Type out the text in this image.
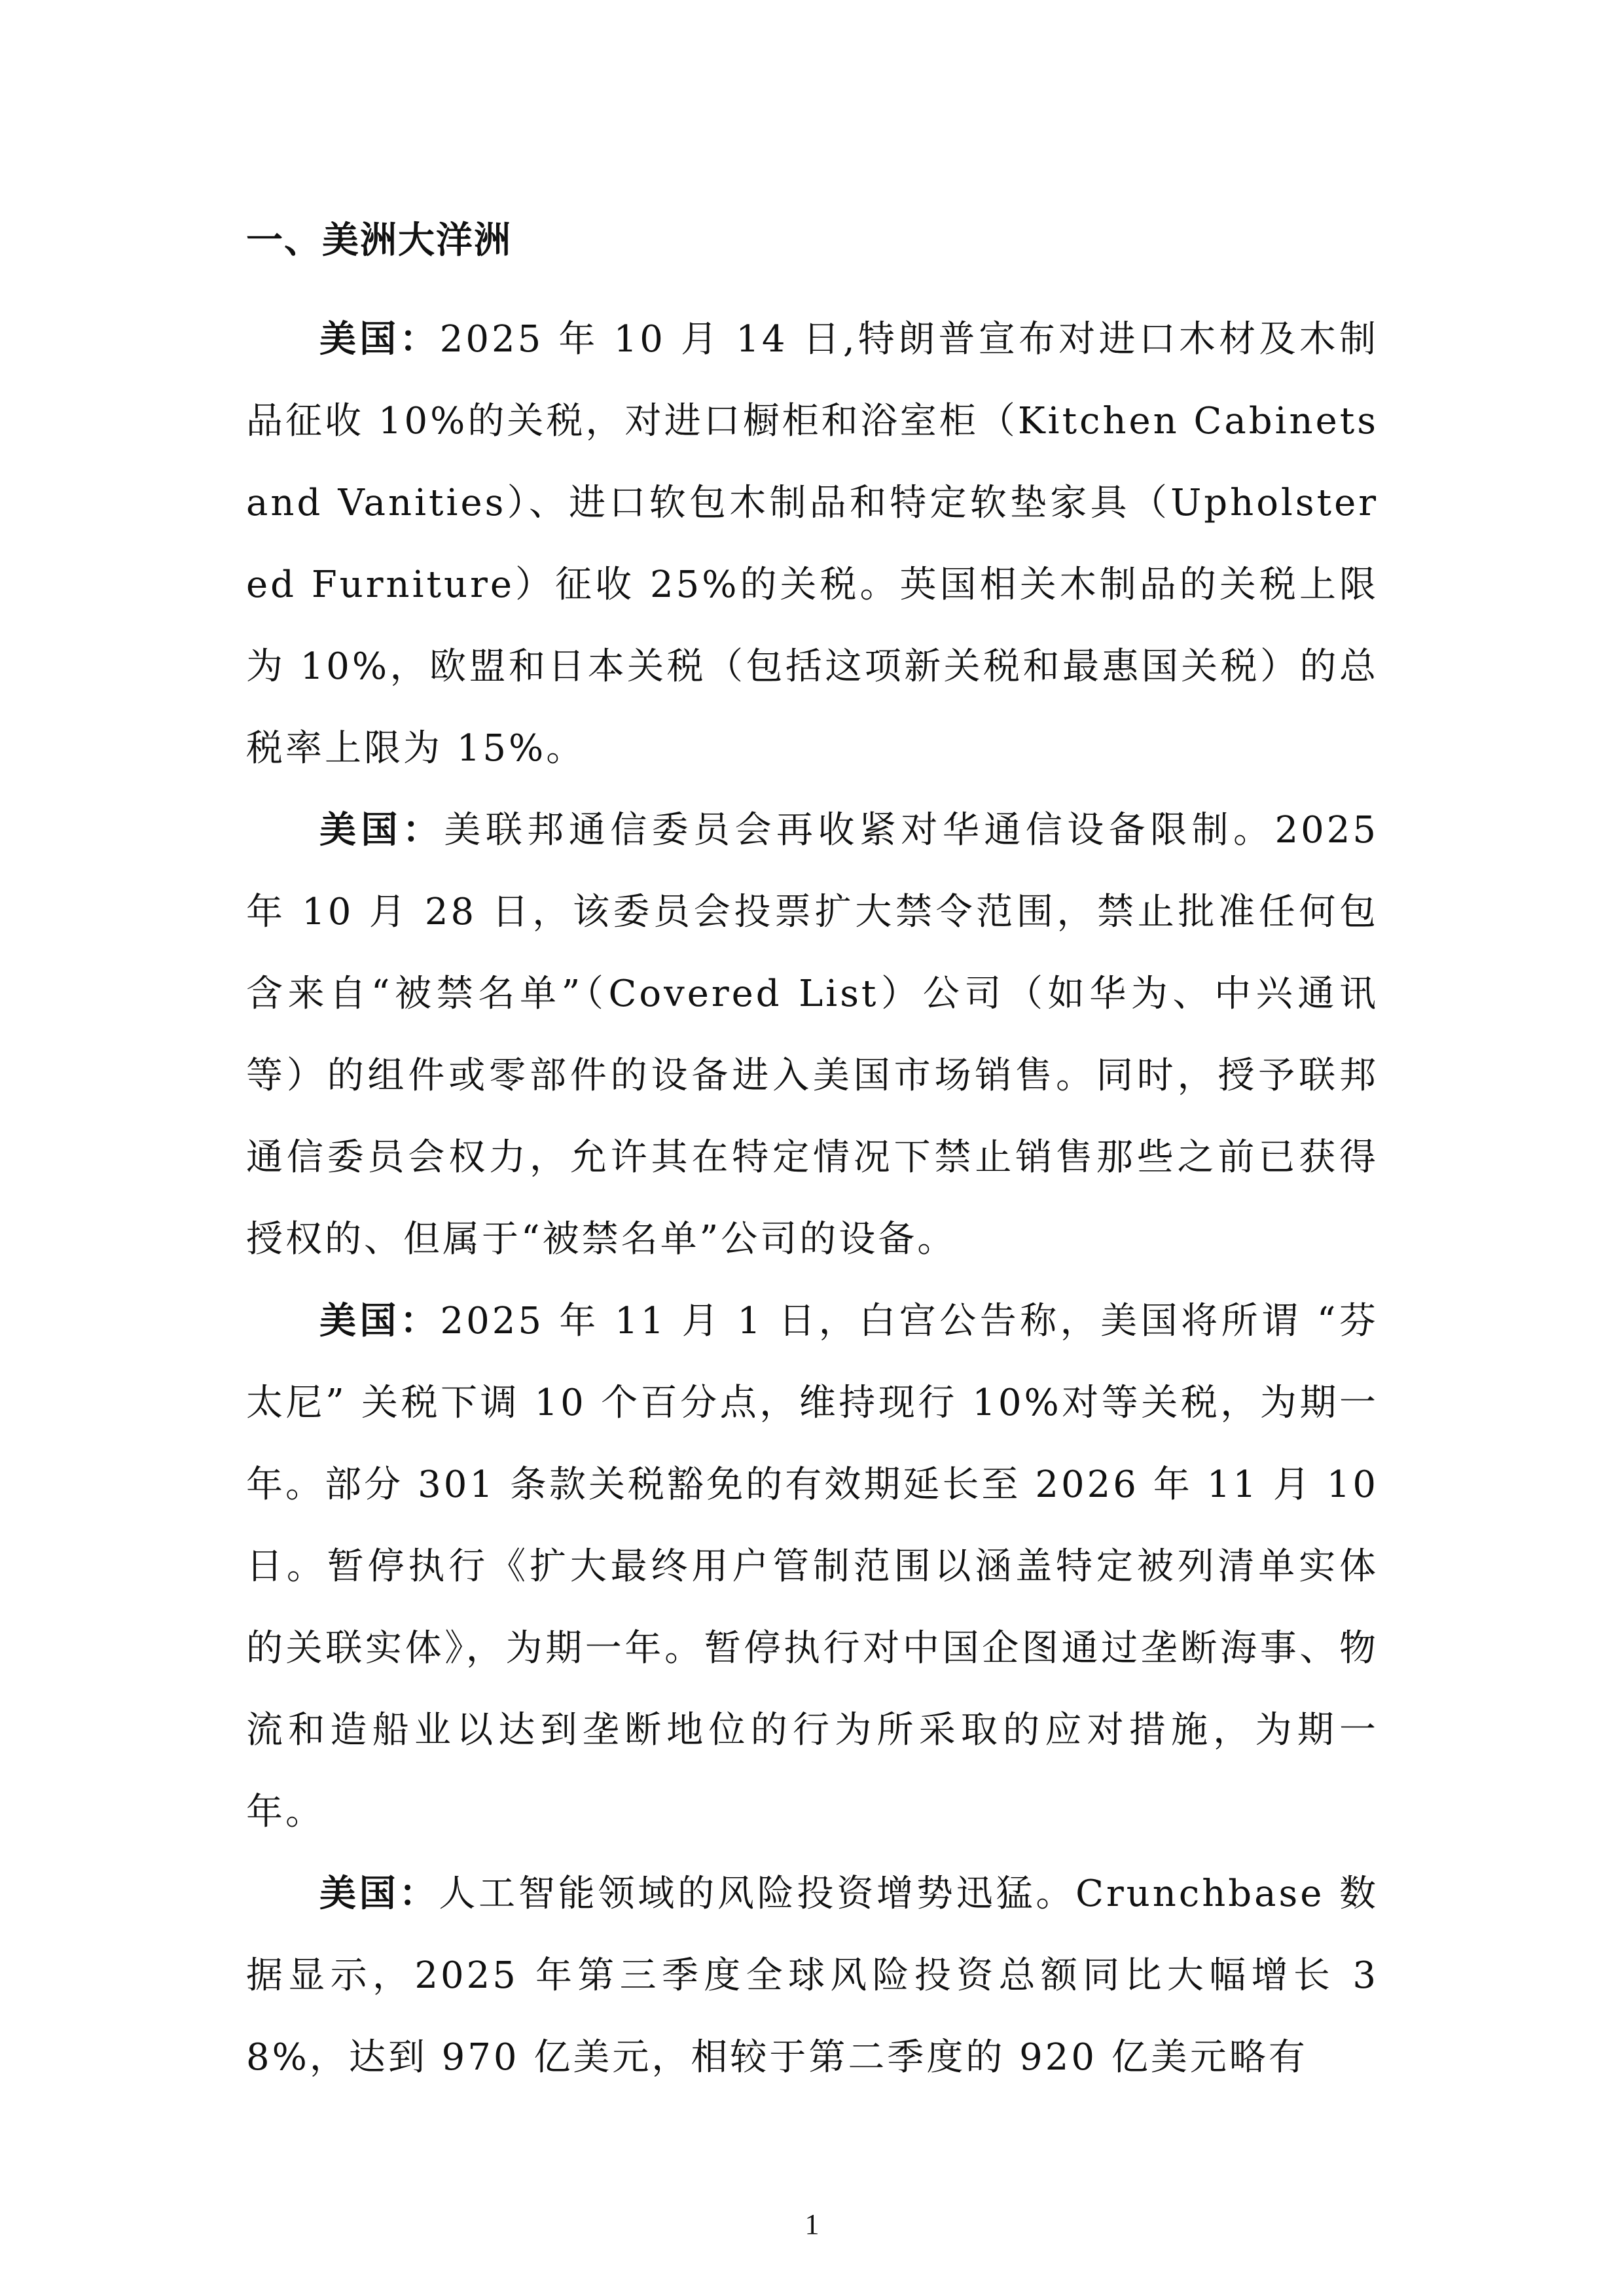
一、美洲大洋洲

美国：2025 年 10 月 14 日,特朗普宣布对进口木材及木制品征收 10%的关税，对进口橱柜和浴室柜（Kitchen Cabinets and Vanities）、进口软包木制品和特定软垫家具（Upholstered Furniture）征收 25%的关税。英国相关木制品的关税上限为 10%，欧盟和日本关税（包括这项新关税和最惠国关税）的总税率上限为 15%。

美国：美联邦通信委员会再收紧对华通信设备限制。2025 年 10 月 28 日，该委员会投票扩大禁令范围，禁止批准任何包含来自“被禁名单”（Covered List）公司（如华为、中兴通讯等）的组件或零部件的设备进入美国市场销售。同时，授予联邦通信委员会权力，允许其在特定情况下禁止销售那些之前已获得授权的、但属于“被禁名单”公司的设备。

美国：2025 年 11 月 1 日，白宫公告称，美国将所谓 “芬太尼” 关税下调 10 个百分点，维持现行 10%对等关税，为期一年。部分 301 条款关税豁免的有效期延长至 2026 年 11 月 10 日。暂停执行《扩大最终用户管制范围以涵盖特定被列清单实体的关联实体》，为期一年。暂停执行对中国企图通过垄断海事、物流和造船业以达到垄断地位的行为所采取的应对措施，为期一年。

美国：人工智能领域的风险投资增势迅猛。Crunchbase 数据显示，2025 年第三季度全球风险投资总额同比大幅增长 38%，达到 970 亿美元，相较于第二季度的 920 亿美元略有

1
